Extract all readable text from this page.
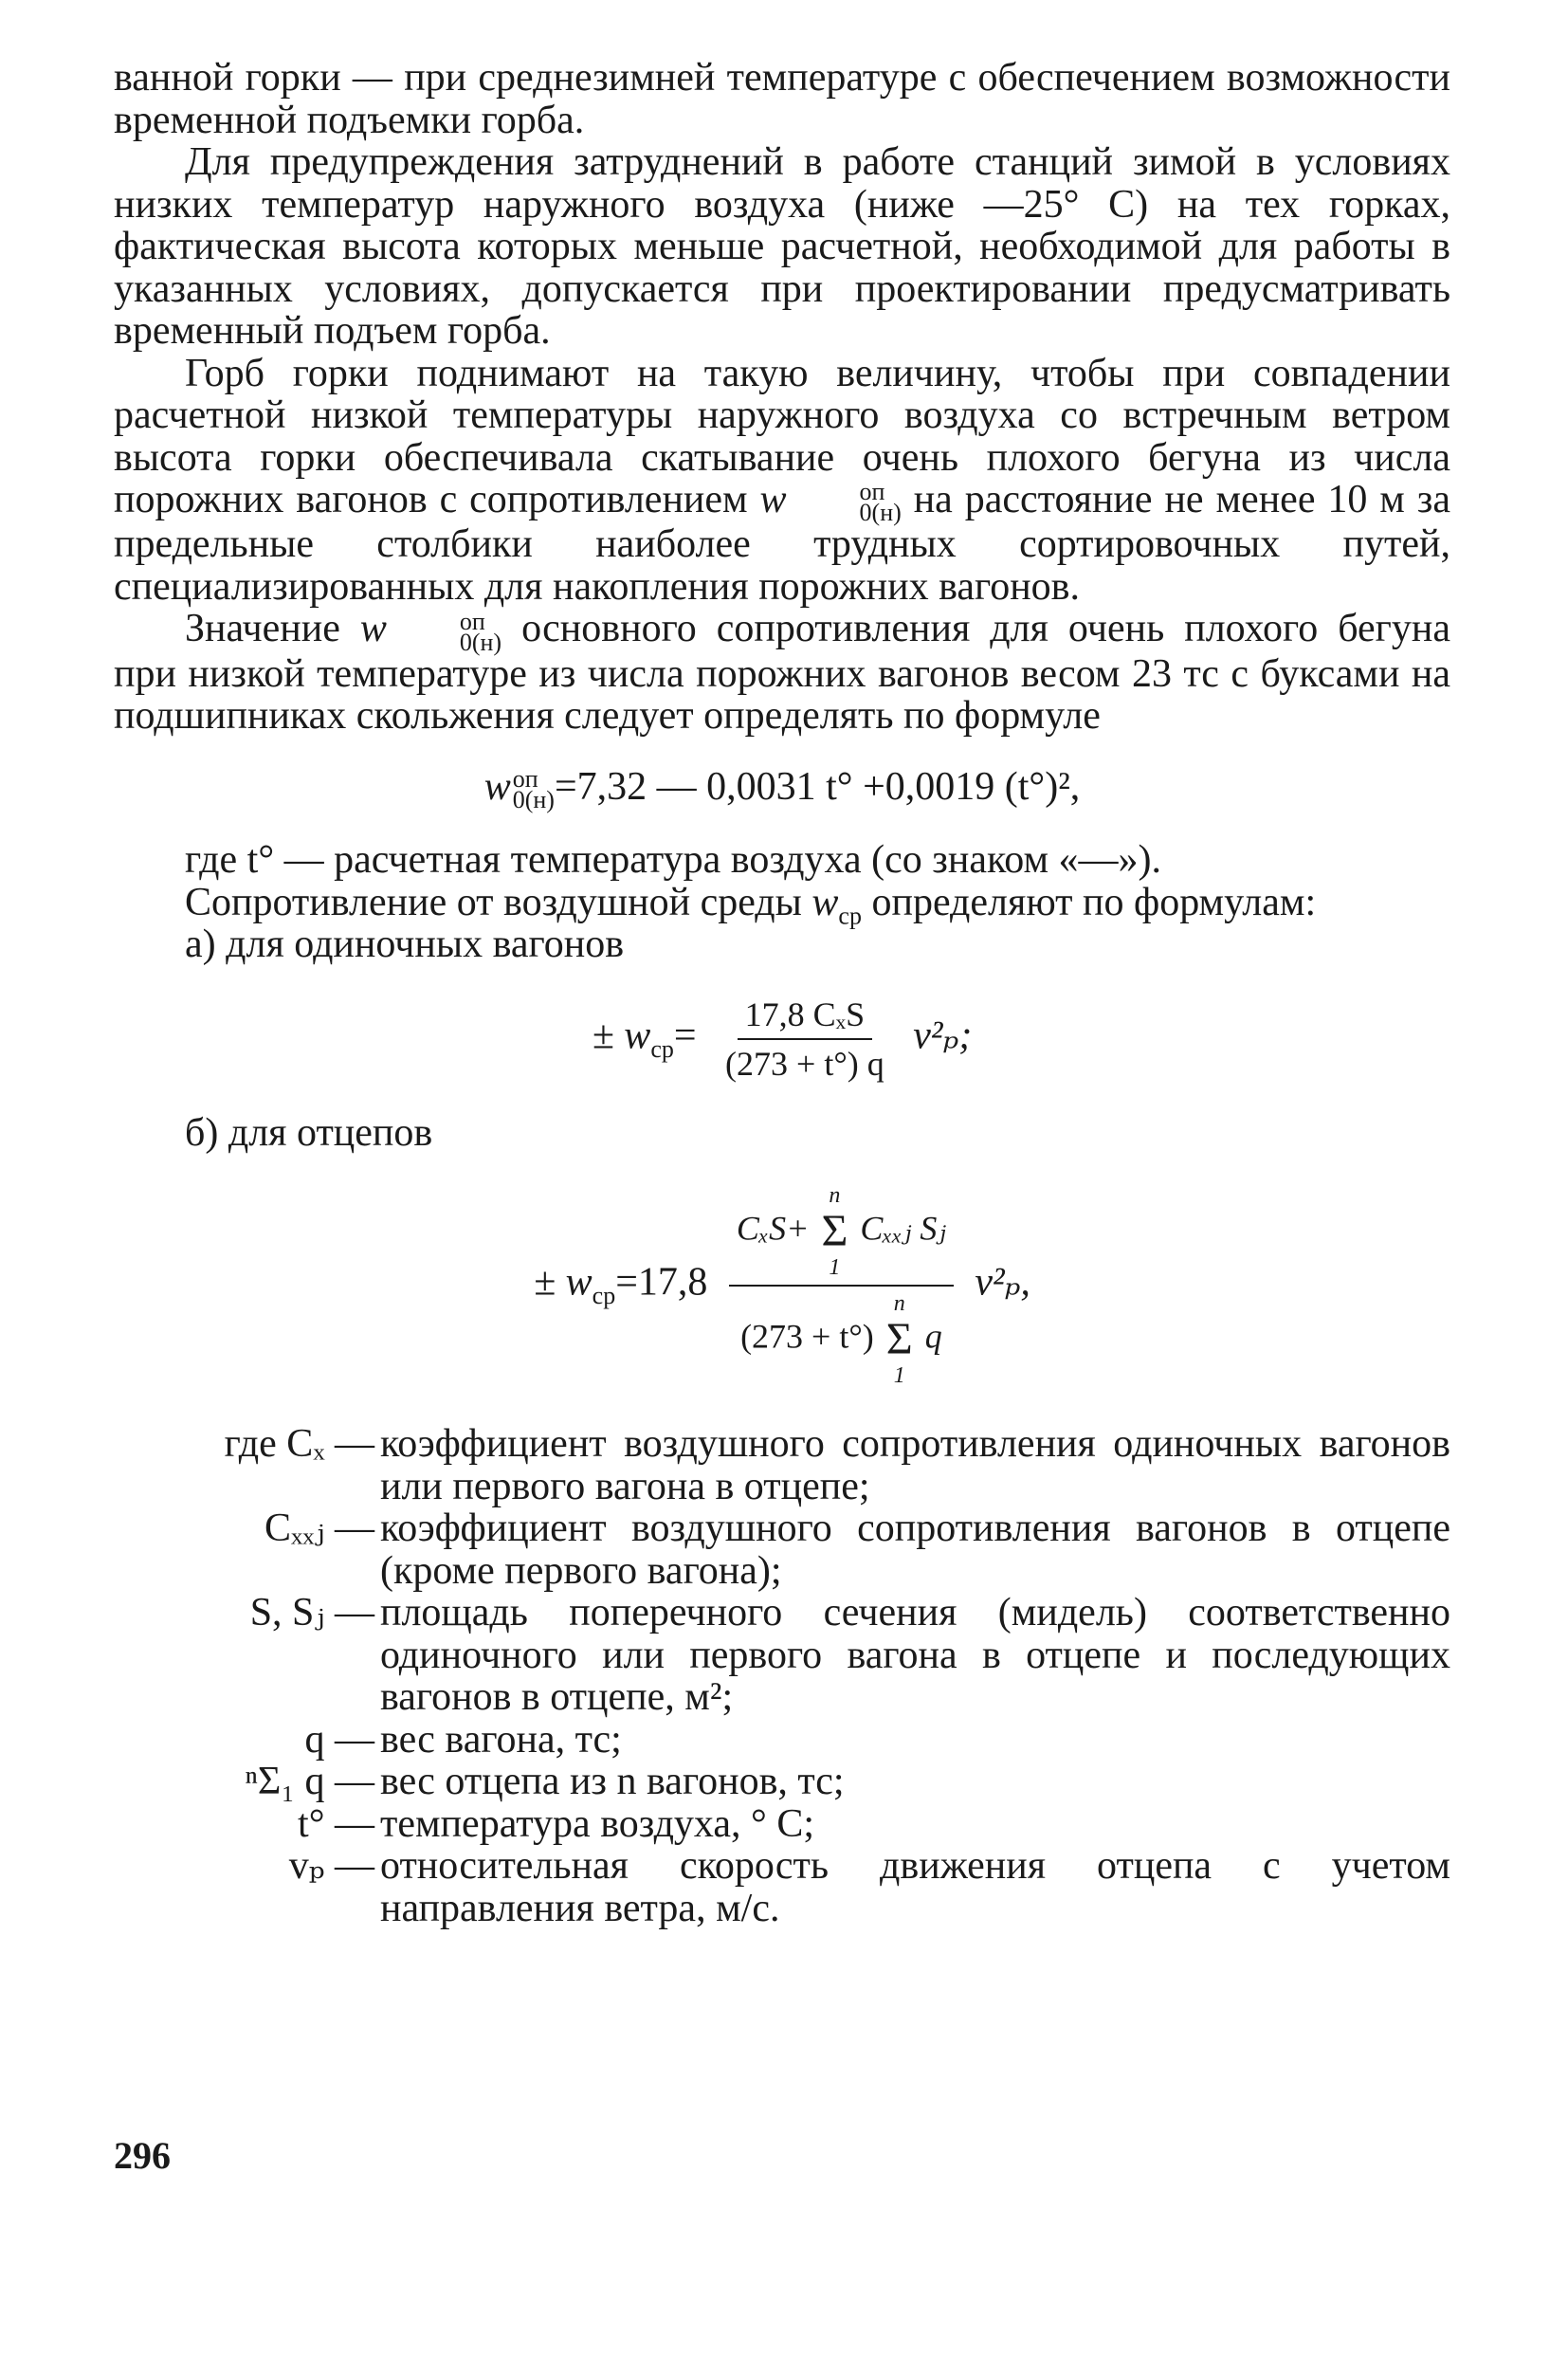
ванной горки — при среднезимней температуре с обеспечением возможности временной подъемки горба.

Для предупреждения затруднений в работе станций зимой в условиях низких температур наружного воздуха (ниже —25° С) на тех горках, фактическая высота которых меньше расчетной, необходимой для работы в указанных условиях, допускается при проектировании предусматривать временный подъем горба.

Горб горки поднимают на такую величину, чтобы при совпадении расчетной низкой температуры наружного воздуха со встречным ветром высота горки обеспечивала скатывание очень плохого бегуна из числа порожних вагонов с сопротивлением w	оп
0(н) на расстояние не менее 10 м за предельные столбики наиболее трудных сортировочных путей, специализированных для накопления порожних вагонов.

Значение w	оп
0(н) основного сопротивления для очень плохого бегуна при низкой температуре из числа порожних вагонов весом 23 тс с буксами на подшипниках скольжения следует определять по формуле

w оп
0(н) =7,32 — 0,0031 t° +0,0019 (t°)²,

где t° — расчетная температура воздуха (со знаком «—»).

Сопротивление от воздушной среды $w_{ср}$ определяют по формулам:

а) для одиночных вагонов

± $w_{ср}= \frac{\text{17,8 CₓS}}{(273 + t^\circ) q} v^2_p$;

б) для отцепов

± $w_{ср}=17,8$
CₓS+
n
Σ
1
Cₓₓⱼ Sⱼ
(273 + t°)
n
Σ
1
q
v²ₚ,
где Cₓ — коэффициент воздушного сопротивления одиночных вагонов или первого вагона в отцепе;
Cₓₓⱼ — коэффициент воздушного сопротивления вагонов в отцепе (кроме первого вагона);
S, Sⱼ — площадь поперечного сечения (мидель) соответственно одиночного или первого вагона в отцепе и последующих вагонов в отцепе, м²;
q — вес вагона, тс;
ⁿΣ₁ q — вес отцепа из n вагонов, тс;
t° — температура воздуха, ° С;
vₚ — относительная скорость движения отцепа с учетом направления ветра, м/с.
296
